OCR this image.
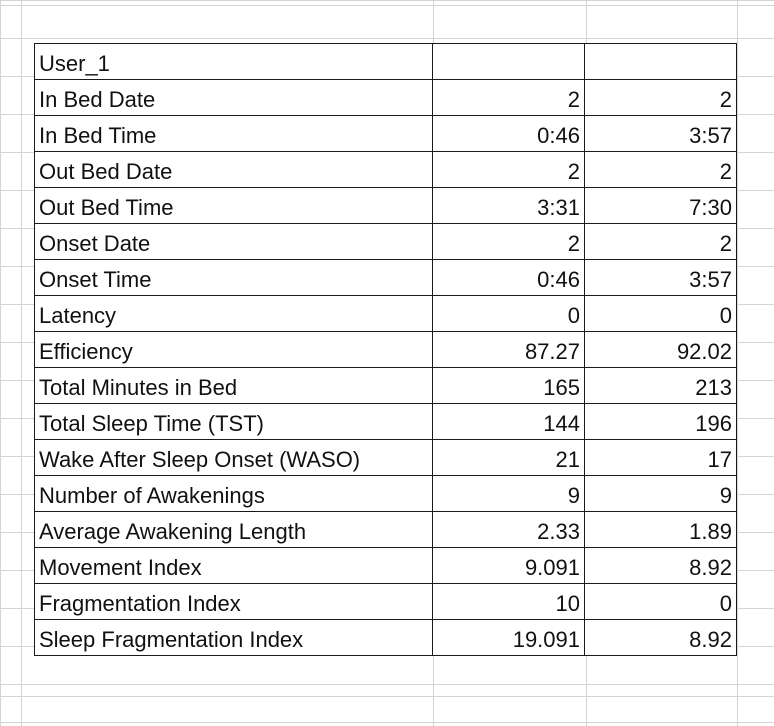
User_1		
In Bed Date	2	2
In Bed Time	0:46	3:57
Out Bed Date	2	2
Out Bed Time	3:31	7:30
Onset Date	2	2
Onset Time	0:46	3:57
Latency	0	0
Efficiency	87.27	92.02
Total Minutes in Bed	165	213
Total Sleep Time (TST)	144	196
Wake After Sleep Onset (WASO)	21	17
Number of Awakenings	9	9
Average Awakening Length	2.33	1.89
Movement Index	9.091	8.92
Fragmentation Index	10	0
Sleep Fragmentation Index	19.091	8.92
